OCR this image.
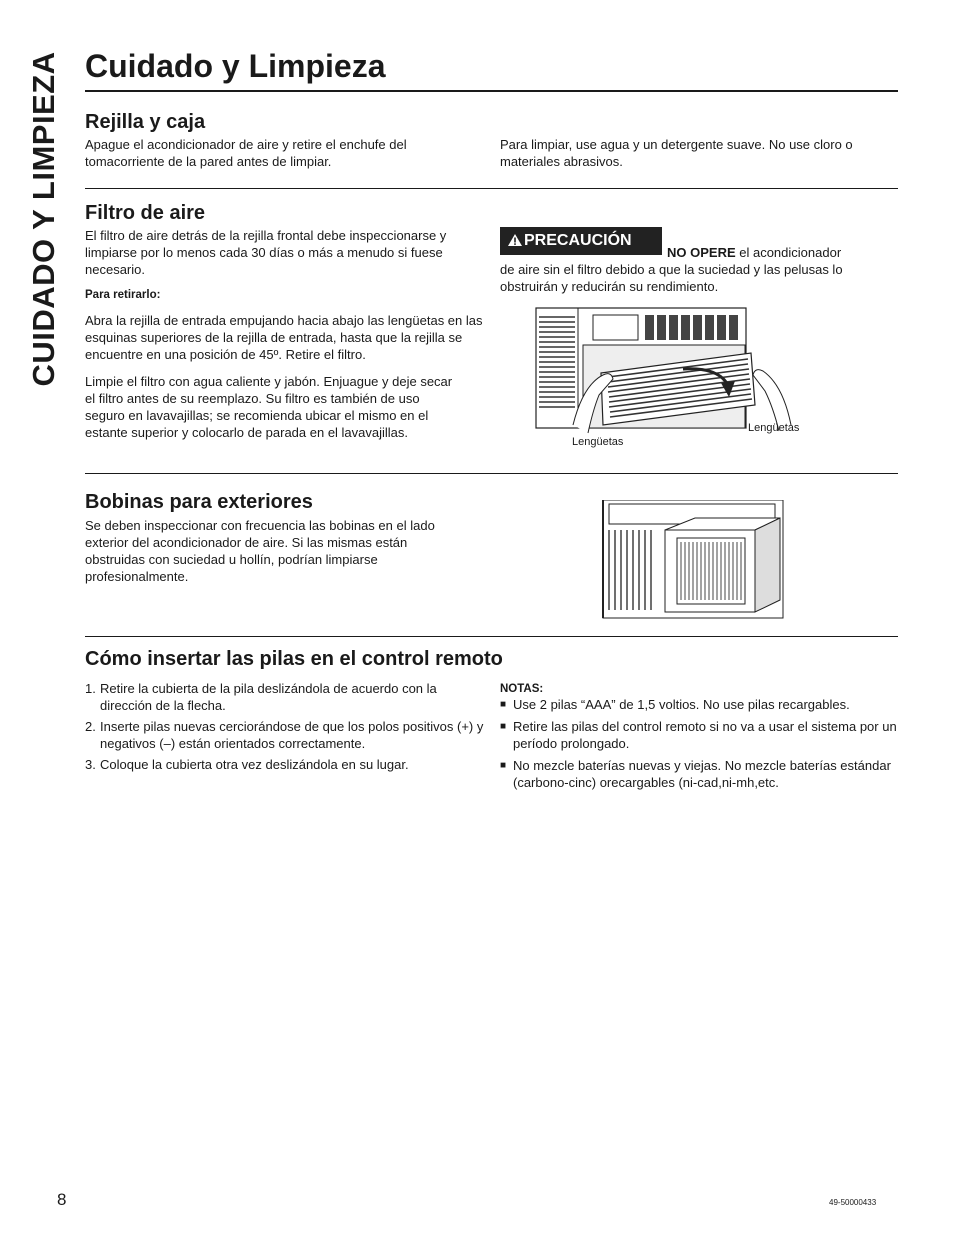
CUIDADO Y LIMPIEZA Cuidado y Limpieza
Rejilla y caja

Apague el acondicionador de aire y retire el enchufe del tomacorriente de la pared antes de limpiar.

Para limpiar, use agua y un detergente suave. No use cloro o materiales abrasivos.

Filtro de aire

El filtro de aire detrás de la rejilla frontal debe inspeccionarse y limpiarse por lo menos cada 30 días o más a menudo si fuese necesario.

Para retirarlo:

Abra la rejilla de entrada empujando hacia abajo las lengüetas en las esquinas superiores de la rejilla de entrada, hasta que la rejilla se encuentre en una posición de 45º. Retire el filtro.

Limpie el filtro con agua caliente y jabón. Enjuague y deje secar el filtro antes de su reemplazo. Su filtro es también de uso seguro en lavavajillas; se recomienda ubicar el mismo en el estante superior y colocarlo de parada en el lavavajillas.

PRECAUCIÓN

NO OPERE el acondicionador

de aire sin el filtro debido a que la suciedad y las pelusas lo obstruirán y reducirán su rendimiento.

Lengüetas
Lengüetas
Bobinas para exteriores

Se deben inspeccionar con frecuencia las bobinas en el lado exterior del acondicionador de aire. Si las mismas están obstruidas con suciedad u hollín, podrían limpiarse profesionalmente.

Cómo insertar las pilas en el control remoto
1. Retire la cubierta de la pila deslizándola de acuerdo con la dirección de la flecha.
2. Inserte pilas nuevas cerciorándose de que los polos positivos (+) y negativos (–) están orientados correctamente.
3. Coloque la cubierta otra vez deslizándola en su lugar.

NOTAS:

■ Use 2 pilas “AAA” de 1,5 voltios. No use pilas recargables.
■ Retire las pilas del control remoto si no va a usar el sistema por un período prolongado.
■ No mezcle baterías nuevas y viejas. No mezcle baterías estándar (carbono-cinc) orecargables (ni-cad,ni-mh,etc.
8	49-50000433
